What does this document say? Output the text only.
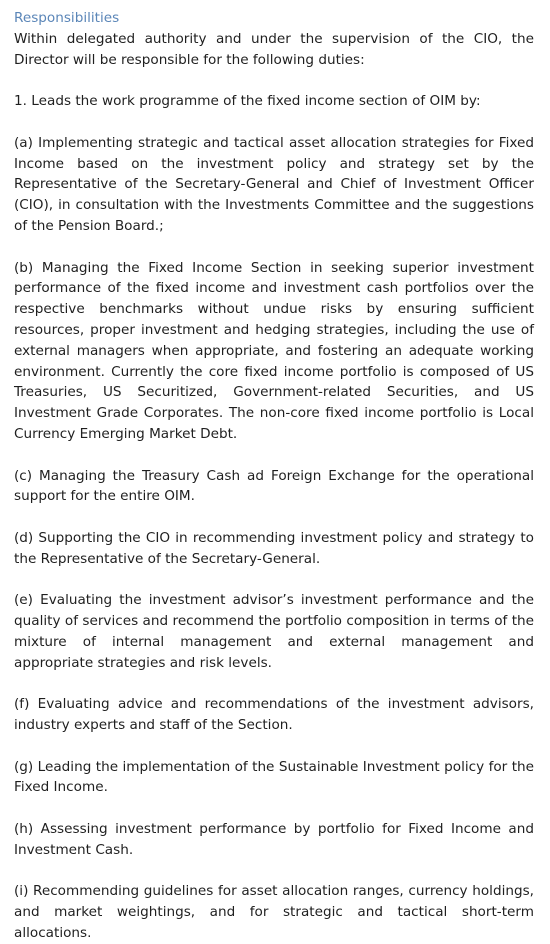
Responsibilities

Within delegated authority and under the supervision of the CIO, the Director will be responsible for the following duties:

1. Leads the work programme of the fixed income section of OIM by:

(a) Implementing strategic and tactical asset allocation strategies for Fixed Income based on the investment policy and strategy set by the Representative of the Secretary-General and Chief of Investment Officer (CIO), in consultation with the Investments Committee and the suggestions of the Pension Board.;

(b) Managing the Fixed Income Section in seeking superior investment performance of the fixed income and investment cash portfolios over the respective benchmarks without undue risks by ensuring sufficient resources, proper investment and hedging strategies, including the use of external managers when appropriate, and fostering an adequate working environment. Currently the core fixed income portfolio is composed of US Treasuries, US Securitized, Government-related Securities, and US Investment Grade Corporates. The non-core fixed income portfolio is Local Currency Emerging Market Debt.

(c) Managing the Treasury Cash ad Foreign Exchange for the operational support for the entire OIM.

(d) Supporting the CIO in recommending investment policy and strategy to the Representative of the Secretary-General.

(e) Evaluating the investment advisor’s investment performance and the quality of services and recommend the portfolio composition in terms of the mixture of internal management and external management and appropriate strategies and risk levels.

(f) Evaluating advice and recommendations of the investment advisors, industry experts and staff of the Section.

(g) Leading the implementation of the Sustainable Investment policy for the Fixed Income.

(h) Assessing investment performance by portfolio for Fixed Income and Investment Cash.

(i) Recommending guidelines for asset allocation ranges, currency holdings, and market weightings, and for strategic and tactical short-term allocations.
